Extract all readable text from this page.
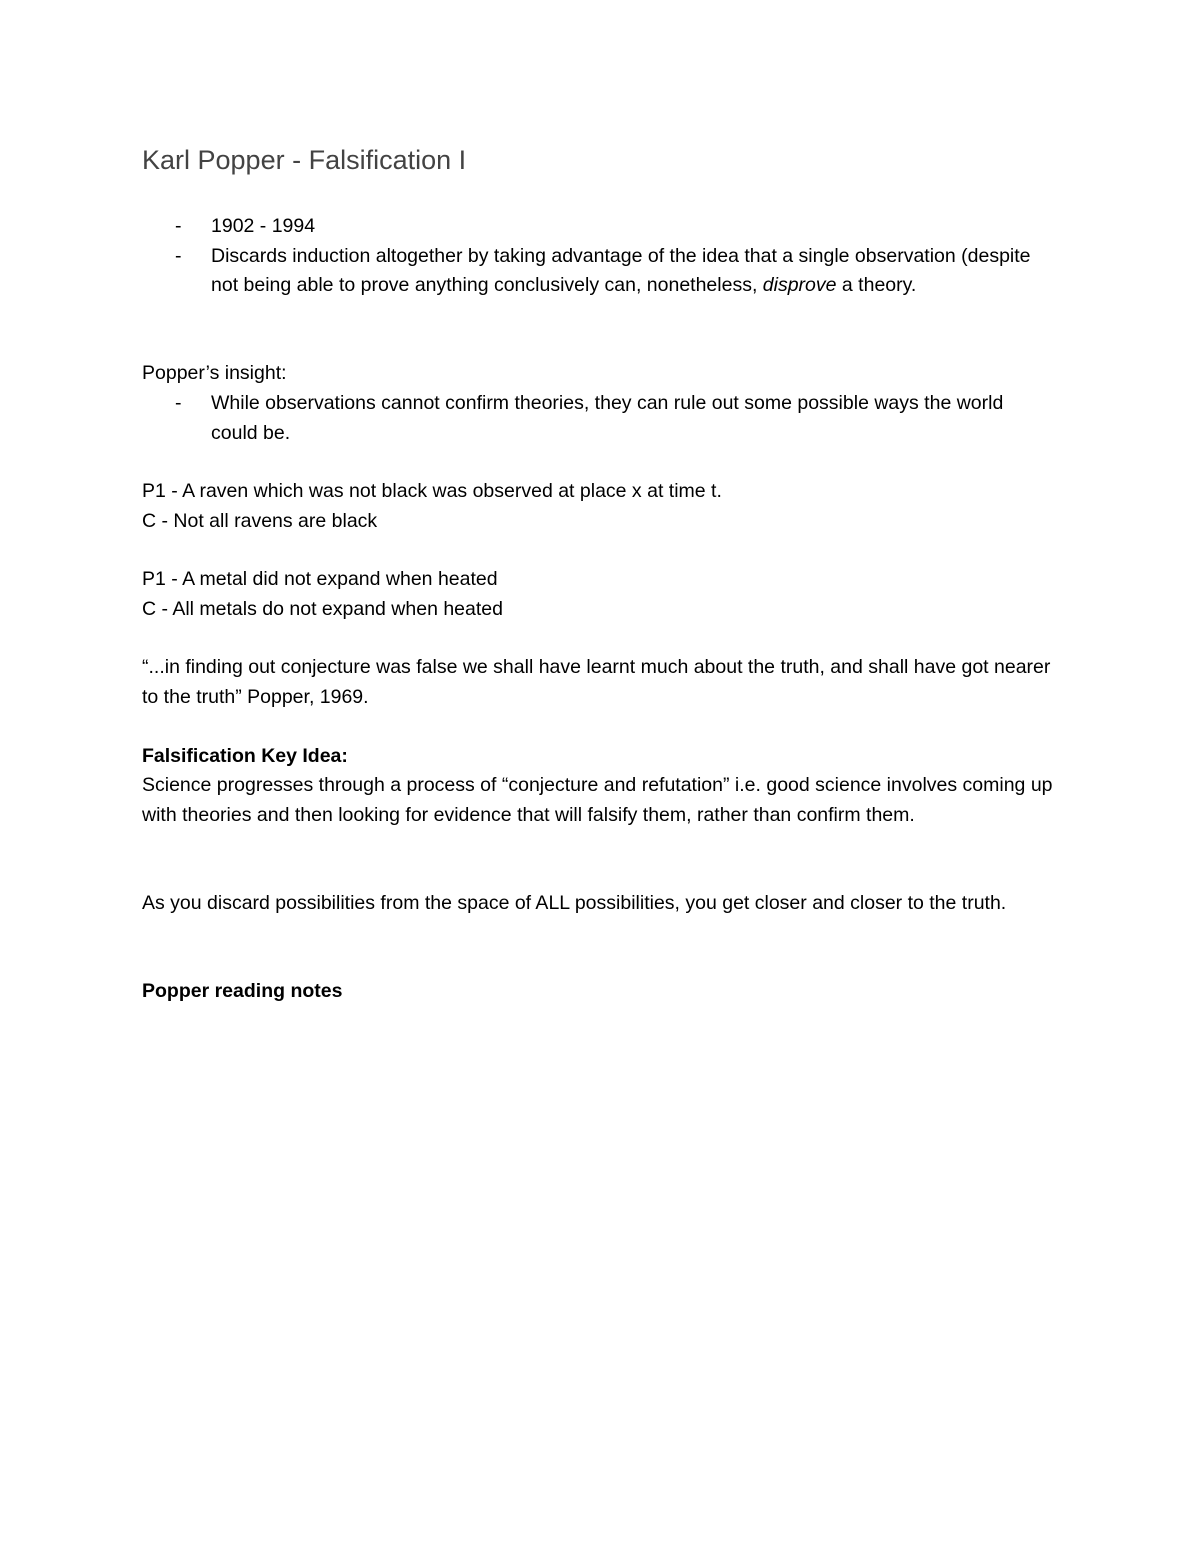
Karl Popper - Falsification I
- 1902 - 1994
- Discards induction altogether by taking advantage of the idea that a single observation (despite not being able to prove anything conclusively can, nonetheless, disprove a theory.
Popper’s insight:
- While observations cannot confirm theories, they can rule out some possible ways the world could be.
P1 - A raven which was not black was observed at place x at time t.
C - Not all ravens are black
P1 - A metal did not expand when heated
C - All metals do not expand when heated
“...in finding out conjecture was false we shall have learnt much about the truth, and shall have got nearer to the truth” Popper, 1969.
Falsification Key Idea:
Science progresses through a process of “conjecture and refutation” i.e. good science involves coming up with theories and then looking for evidence that will falsify them, rather than confirm them.
As you discard possibilities from the space of ALL possibilities, you get closer and closer to the truth.
Popper reading notes
